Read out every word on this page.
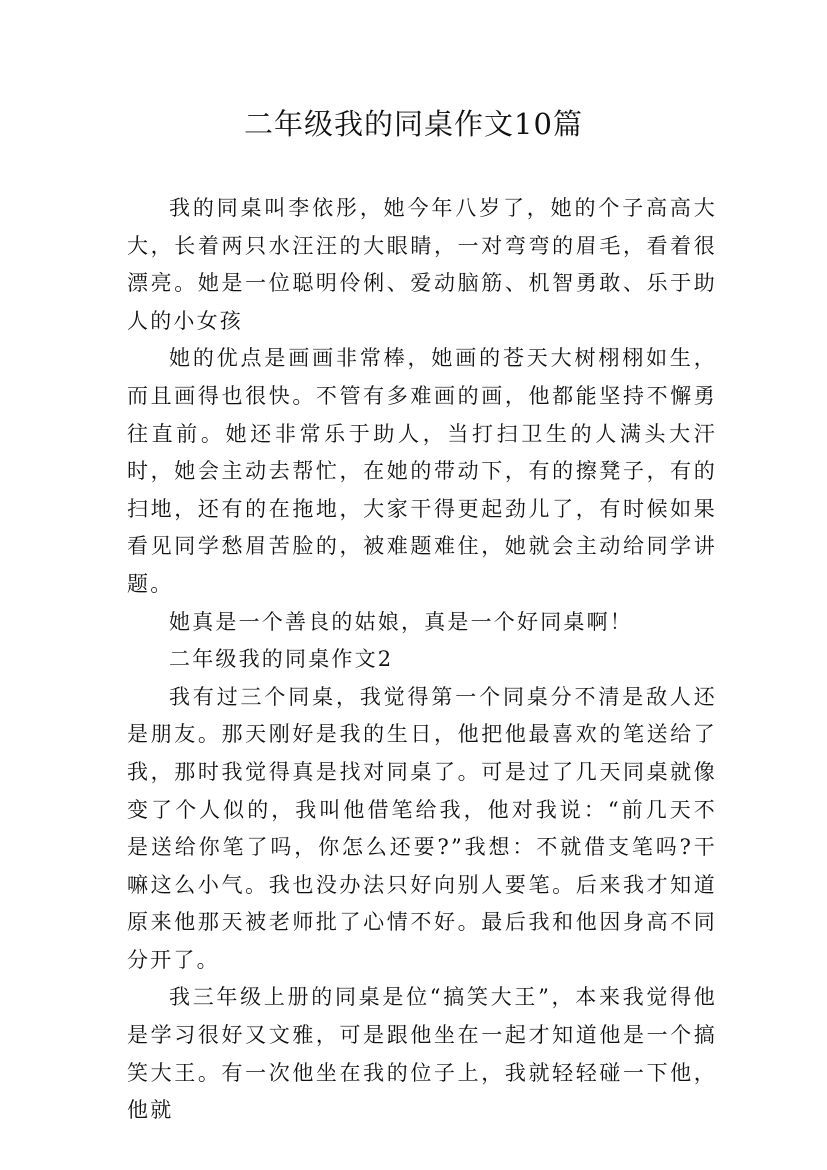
二年级我的同桌作文10篇

我的同桌叫李依彤，她今年八岁了，她的个子高高大大，长着两只水汪汪的大眼睛，一对弯弯的眉毛，看着很漂亮。她是一位聪明伶俐、爱动脑筋、机智勇敢、乐于助人的小女孩

她的优点是画画非常棒，她画的苍天大树栩栩如生，而且画得也很快。不管有多难画的画，他都能坚持不懈勇往直前。她还非常乐于助人，当打扫卫生的人满头大汗时，她会主动去帮忙，在她的带动下，有的擦凳子，有的扫地，还有的在拖地，大家干得更起劲儿了，有时候如果看见同学愁眉苦脸的，被难题难住，她就会主动给同学讲题。

她真是一个善良的姑娘，真是一个好同桌啊！

二年级我的同桌作文2

我有过三个同桌，我觉得第一个同桌分不清是敌人还是朋友。那天刚好是我的生日，他把他最喜欢的笔送给了我，那时我觉得真是找对同桌了。可是过了几天同桌就像变了个人似的，我叫他借笔给我，他对我说：“前几天不是送给你笔了吗，你怎么还要?”我想：不就借支笔吗?干嘛这么小气。我也没办法只好向别人要笔。后来我才知道原来他那天被老师批了心情不好。最后我和他因身高不同分开了。

我三年级上册的同桌是位“搞笑大王”，本来我觉得他是学习很好又文雅，可是跟他坐在一起才知道他是一个搞笑大王。有一次他坐在我的位子上，我就轻轻碰一下他，他就
